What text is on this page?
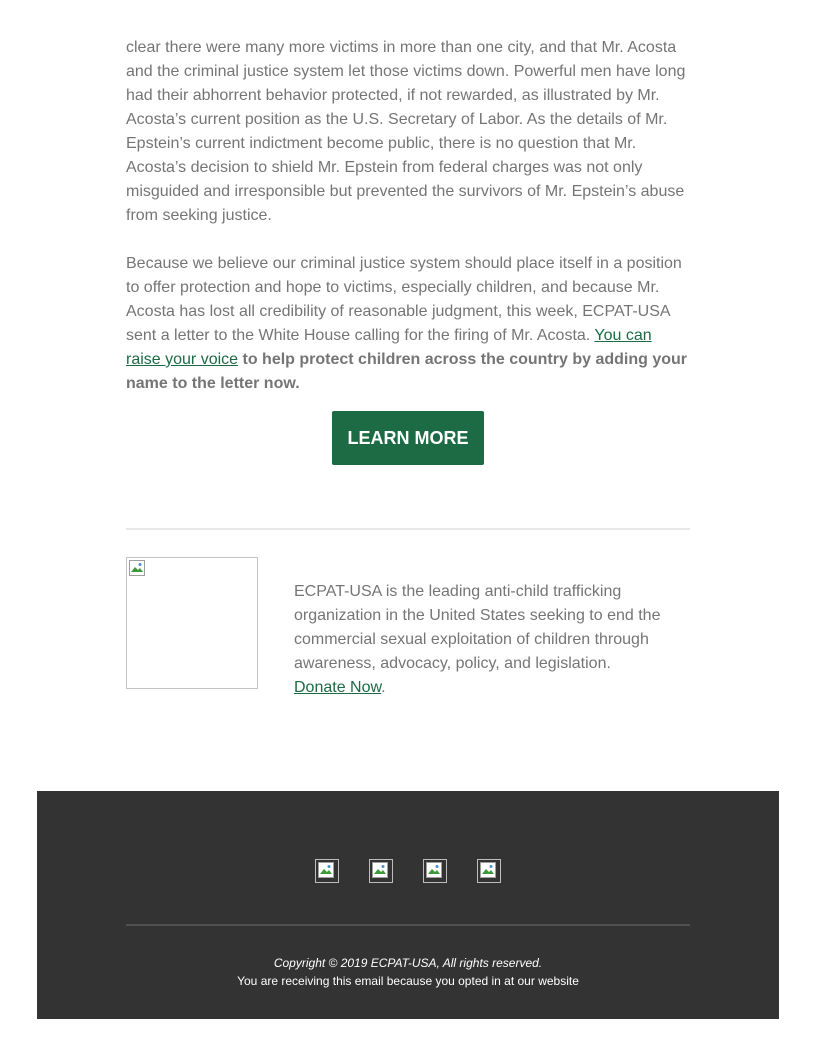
clear there were many more victims in more than one city, and that Mr. Acosta and the criminal justice system let those victims down. Powerful men have long had their abhorrent behavior protected, if not rewarded, as illustrated by Mr. Acosta’s current position as the U.S. Secretary of Labor. As the details of Mr. Epstein’s current indictment become public, there is no question that Mr. Acosta’s decision to shield Mr. Epstein from federal charges was not only misguided and irresponsible but prevented the survivors of Mr. Epstein’s abuse from seeking justice.

Because we believe our criminal justice system should place itself in a position to offer protection and hope to victims, especially children, and because Mr. Acosta has lost all credibility of reasonable judgment, this week, ECPAT-USA sent a letter to the White House calling for the firing of Mr. Acosta. You can raise your voice to help protect children across the country by adding your name to the letter now.

LEARN MORE
ECPAT-USA is the leading anti-child trafficking organization in the United States seeking to end the commercial sexual exploitation of children through awareness, advocacy, policy, and legislation.
Donate Now.
Copyright © 2019 ECPAT-USA, All rights reserved.
You are receiving this email because you opted in at our website
